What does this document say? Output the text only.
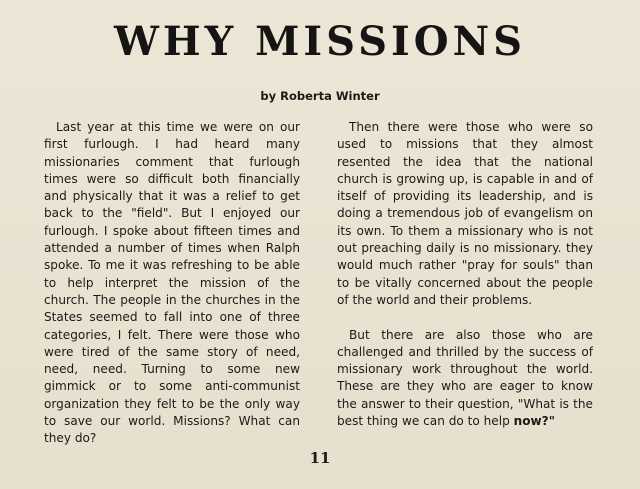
WHY MISSIONS
by Roberta Winter

Last year at this time we were on our first furlough. I had heard many missionaries comment that furlough times were so difficult both financially and physically that it was a relief to get back to the "field". But I enjoyed our furlough. I spoke about fifteen times and attended a number of times when Ralph spoke. To me it was refreshing to be able to help interpret the mission of the church. The people in the churches in the States seemed to fall into one of three categories, I felt. There were those who were tired of the same story of need, need, need. Turning to some new gimmick or to some anti-communist organization they felt to be the only way to save our world. Missions? What can they do?

Then there were those who were so used to missions that they almost resented the idea that the national church is growing up, is capable in and of itself of providing its leadership, and is doing a tremendous job of evangelism on its own. To them a missionary who is not out preaching daily is no missionary. they would much rather "pray for souls" than to be vitally concerned about the people of the world and their problems.

But there are also those who are challenged and thrilled by the success of missionary work throughout the world. These are they who are eager to know the answer to their question, "What is the best thing we can do to help now?"

11
